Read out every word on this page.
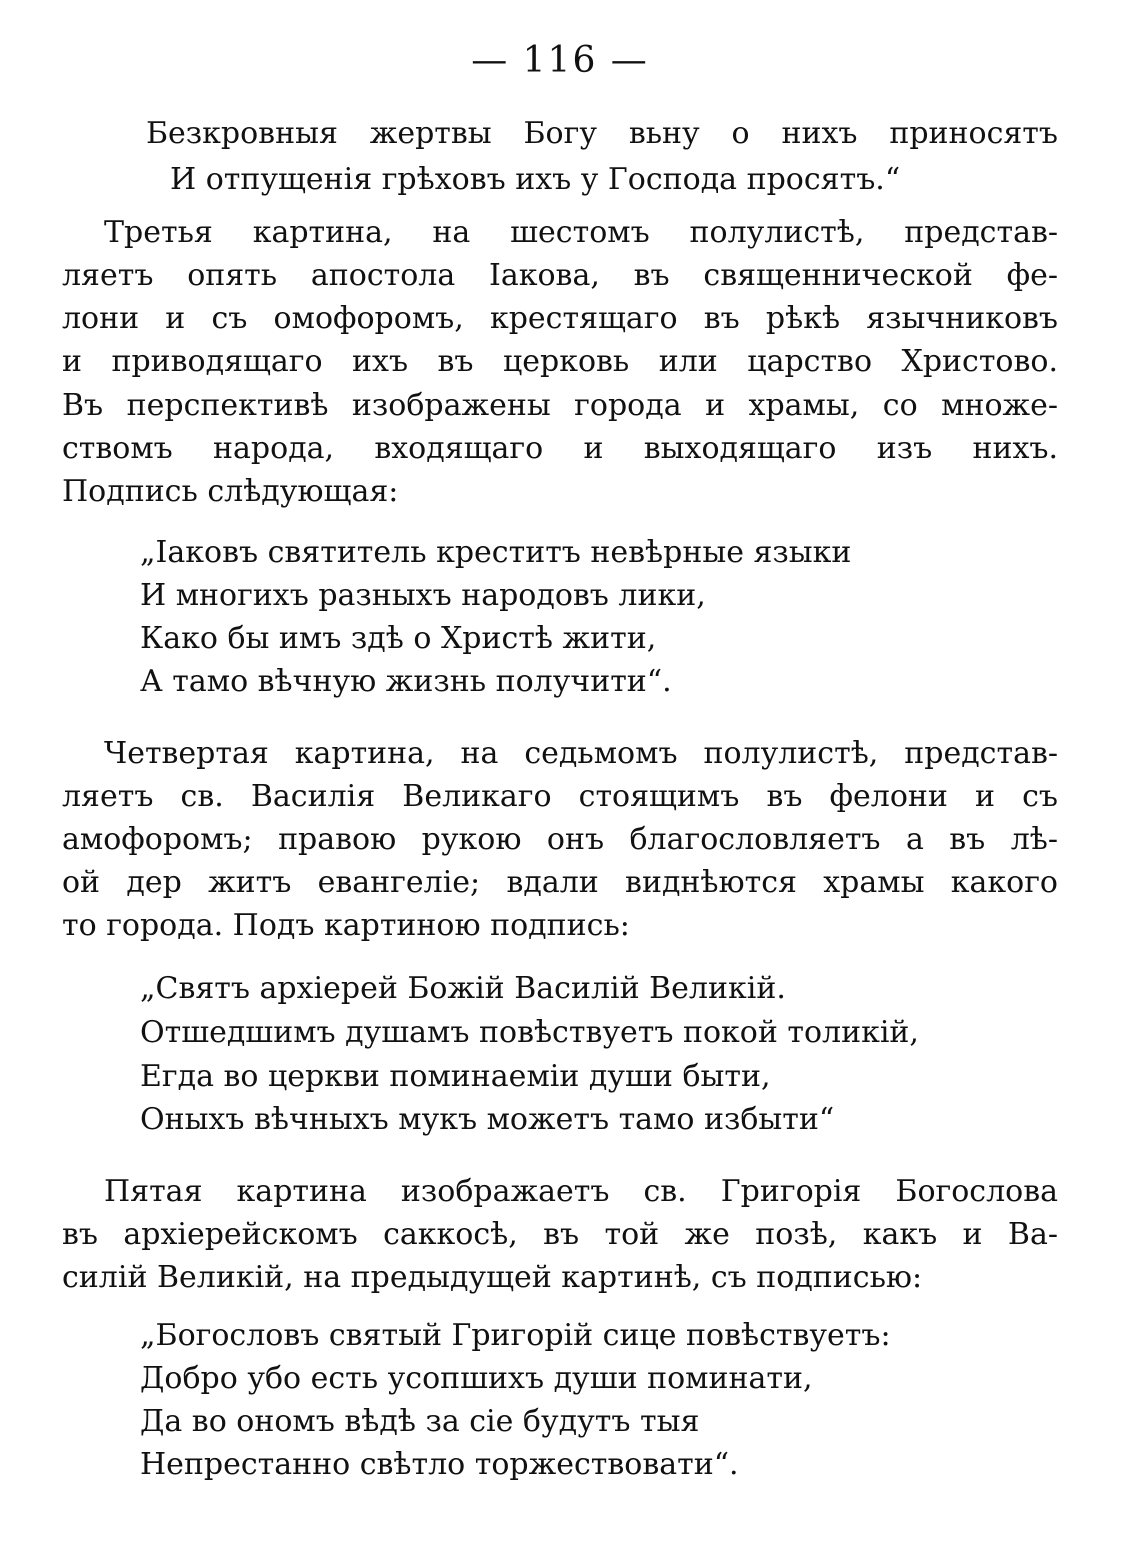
— 116 —
Безкровныя жертвы Богу вьну о нихъ приносятъ
И отпущенія грѣховъ ихъ у Господа просятъ.“
Третья картина, на шестомъ полулистѣ, представ-
ляетъ опять апостола Іакова, въ священнической фе-
лони и съ омофоромъ, крестящаго въ рѣкѣ язычниковъ
и приводящаго ихъ въ церковь или царство Христово.
Въ перспективѣ изображены города и храмы, со множе-
ствомъ народа, входящаго и выходящаго изъ нихъ.
Подпись слѣдующая:
„Іаковъ святитель креститъ невѣрные языки
И многихъ разныхъ народовъ лики,
Како бы имъ здѣ о Христѣ жити,
А тамо вѣчную жизнь получити“.
Четвертая картина, на седьмомъ полулистѣ, представ-
ляетъ св. Василія Великаго стоящимъ въ фелони и съ
амофоромъ; правою рукою онъ благословляетъ а въ лѣ-
ой дер житъ евангеліе; вдали виднѣются храмы какого
то города. Подъ картиною подпись:
„Святъ архіерей Божій Василій Великій.
Отшедшимъ душамъ повѣствуетъ покой толикій,
Егда во церкви поминаеміи души быти,
Оныхъ вѣчныхъ мукъ можетъ тамо избыти“
Пятая картина изображаетъ св. Григорія Богослова
въ архіерейскомъ саккосѣ, въ той же позѣ, какъ и Ва-
силій Великій, на предыдущей картинѣ, съ подписью:
„Богословъ святый Григорій сице повѣствуетъ:
Добро убо есть усопшихъ души поминати,
Да во ономъ вѣдѣ за сіе будутъ тыя
Непрестанно свѣтло торжествовати“.
